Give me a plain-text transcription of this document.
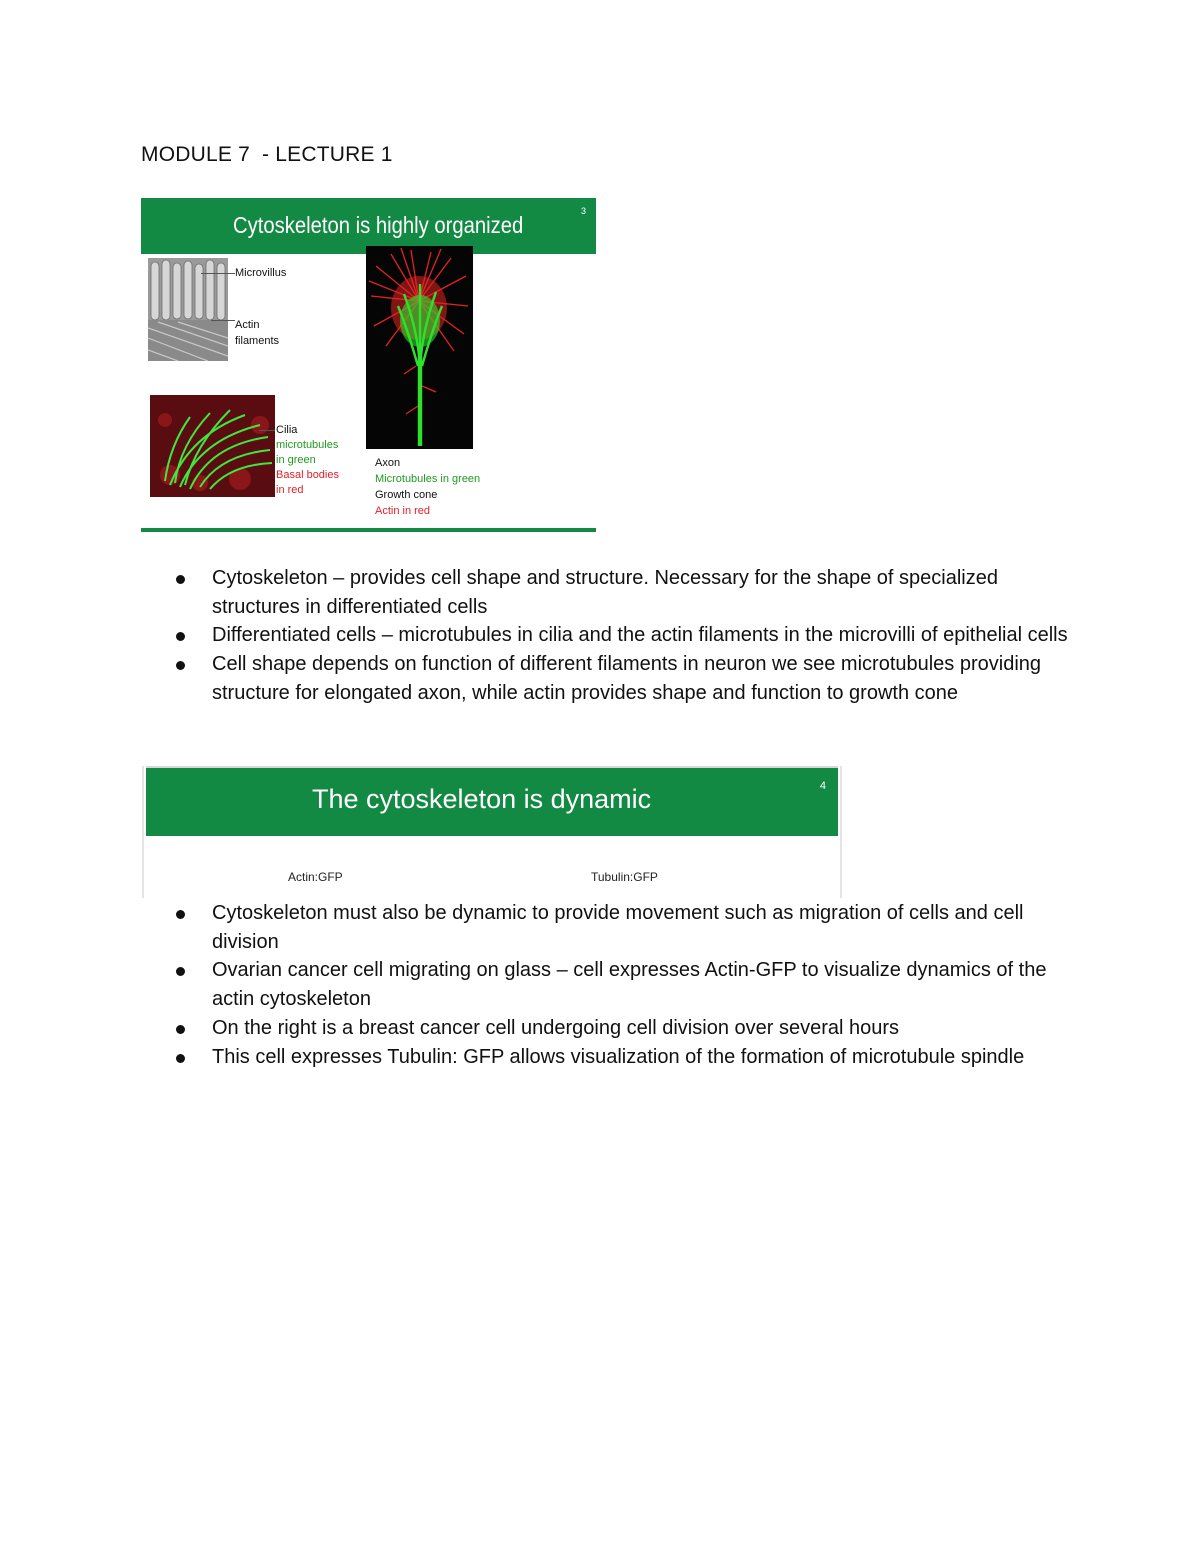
MODULE 7  - LECTURE 1
Cytoskeleton is highly organized
3
Microvillus
Actin
filaments
Cilia
microtubules
in green
Basal bodies
in red
Axon
Microtubules in green
Growth cone
Actin in red
Cytoskeleton – provides cell shape and structure. Necessary for the shape of specialized structures in differentiated cells
Differentiated cells – microtubules in cilia and the actin filaments in the microvilli of epithelial cells
Cell shape depends on function of different filaments in neuron we see microtubules providing structure for elongated axon, while actin provides shape and function to growth cone
The cytoskeleton is dynamic	4
Actin:GFP	Tubulin:GFP
Cytoskeleton must also be dynamic to provide movement such as migration of cells and cell division
Ovarian cancer cell migrating on glass – cell expresses Actin-GFP to visualize dynamics of the actin cytoskeleton
On the right is a breast cancer cell undergoing cell division over several hours
This cell expresses Tubulin: GFP allows visualization of the formation of microtubule spindle
